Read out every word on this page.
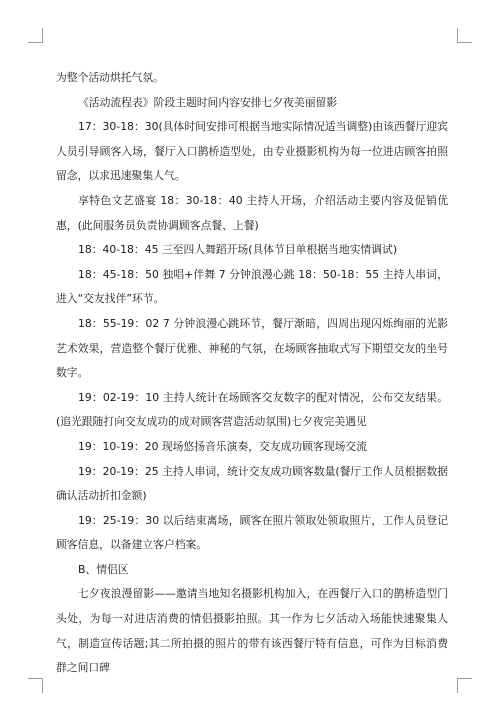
为整个活动烘托气氛。

《活动流程表》阶段主题时间内容安排七夕夜美丽留影

17：30-18：30(具体时间安排可根据当地实际情况适当调整)由该西餐厅迎宾人员引导顾客入场，餐厅入口鹊桥造型处，由专业摄影机构为每一位进店顾客拍照留念，以求迅速聚集人气。

享特色文艺盛宴 18：30-18：40 主持人开场，介绍活动主要内容及促销优惠，(此间服务员负责协调顾客点餐、上餐)

18：40-18：45 三至四人舞蹈开场(具体节目单根据当地实情调试)

18：45-18：50 独唱+伴舞 7 分钟浪漫心跳 18：50-18：55 主持人串词，进入“交友找伴”环节。

18：55-19：02 7 分钟浪漫心跳环节，餐厅渐暗，四周出现闪烁绚丽的光影艺术效果，营造整个餐厅优雅、神秘的气氛，在场顾客抽取式写下期望交友的坐号数字。

19：02-19：10 主持人统计在场顾客交友数字的配对情况，公布交友结果。(追光跟随打向交友成功的成对顾客营造活动氛围)七夕夜完美遇见

19：10-19：20 现场悠扬音乐演奏，交友成功顾客现场交流

19：20-19：25 主持人串词，统计交友成功顾客数量(餐厅工作人员根据数据确认活动折扣金额)

19：25-19：30 以后结束离场，顾客在照片领取处领取照片，工作人员登记顾客信息，以备建立客户档案。

B、情侣区

七夕夜浪漫留影——邀请当地知名摄影机构加入，在西餐厅入口的鹊桥造型门头处，为每一对进店消费的情侣摄影拍照。其一作为七夕活动入场能快速聚集人气，制造宣传话题;其二所拍摄的照片的带有该西餐厅特有信息，可作为目标消费群之间口碑
